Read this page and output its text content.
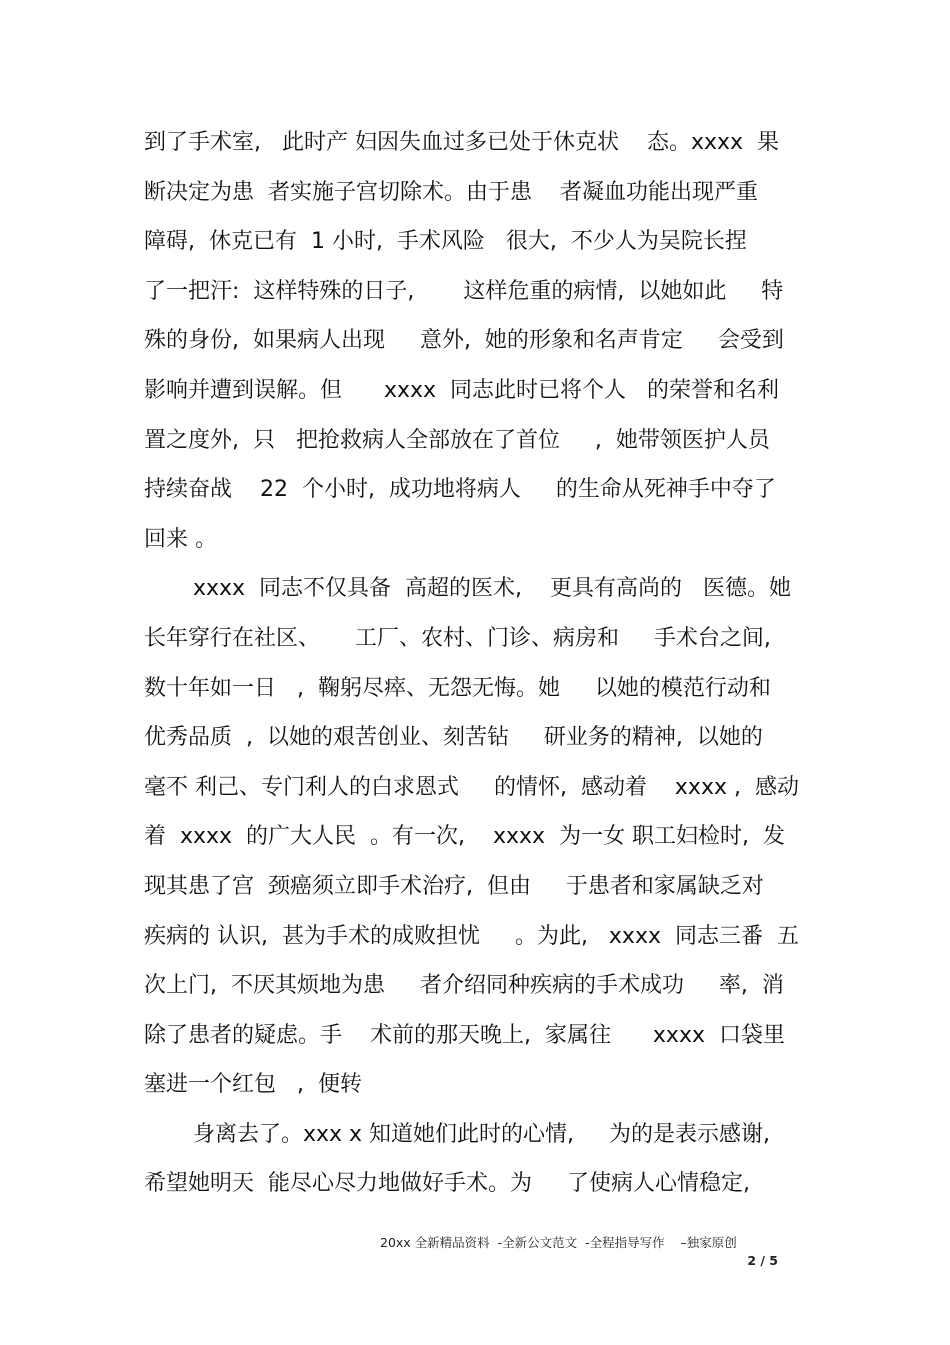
到了手术室,   此时产 妇因失血过多已处于休克状    态。xxxx  果
断决定为患  者实施子宫切除术。由于患    者凝血功能出现严重
障碍,  休克已有  1 小时,  手术风险   很大,  不少人为吴院长捏
了一把汗:  这样特殊的日子,       这样危重的病情,  以她如此     特
殊的身份,  如果病人出现     意外,  她的形象和名声肯定     会受到
影响并遭到误解。但      xxxx  同志此时已将个人   的荣誉和名利
置之度外,  只   把抢救病人全部放在了首位     ,  她带领医护人员
持续奋战    22  个小时,  成功地将病人     的生命从死神手中夺了
回来 。
xxxx  同志不仅具备  高超的医术,    更具有高尚的   医德。她
长年穿行在社区、     工厂、农村、门诊、病房和     手术台之间,
数十年如一日   ,  鞠躬尽瘁、无怨无悔。她     以她的模范行动和
优秀品质  ,  以她的艰苦创业、刻苦钻     研业务的精神,  以她的
毫不 利己、专门利人的白求恩式     的情怀,  感动着    xxxx ,  感动
着  xxxx  的广大人民  。有一次,    xxxx  为一女 职工妇检时,  发
现其患了宫  颈癌须立即手术治疗,  但由     于患者和家属缺乏对
疾病的 认识,  甚为手术的成败担忧     。为此,   xxxx  同志三番  五
次上门,  不厌其烦地为患     者介绍同种疾病的手术成功     率,  消
除了患者的疑虑。手    术前的那天晚上,  家属往      xxxx  口袋里
塞进一个红包   ,  便转
身离去了。xxx x 知道她们此时的心情,     为的是表示感谢,
希望她明天  能尽心尽力地做好手术。为     了使病人心情稳定,
20xx 全新精品资料  -全新公文范文  -全程指导写作    –独家原创
2 / 5
